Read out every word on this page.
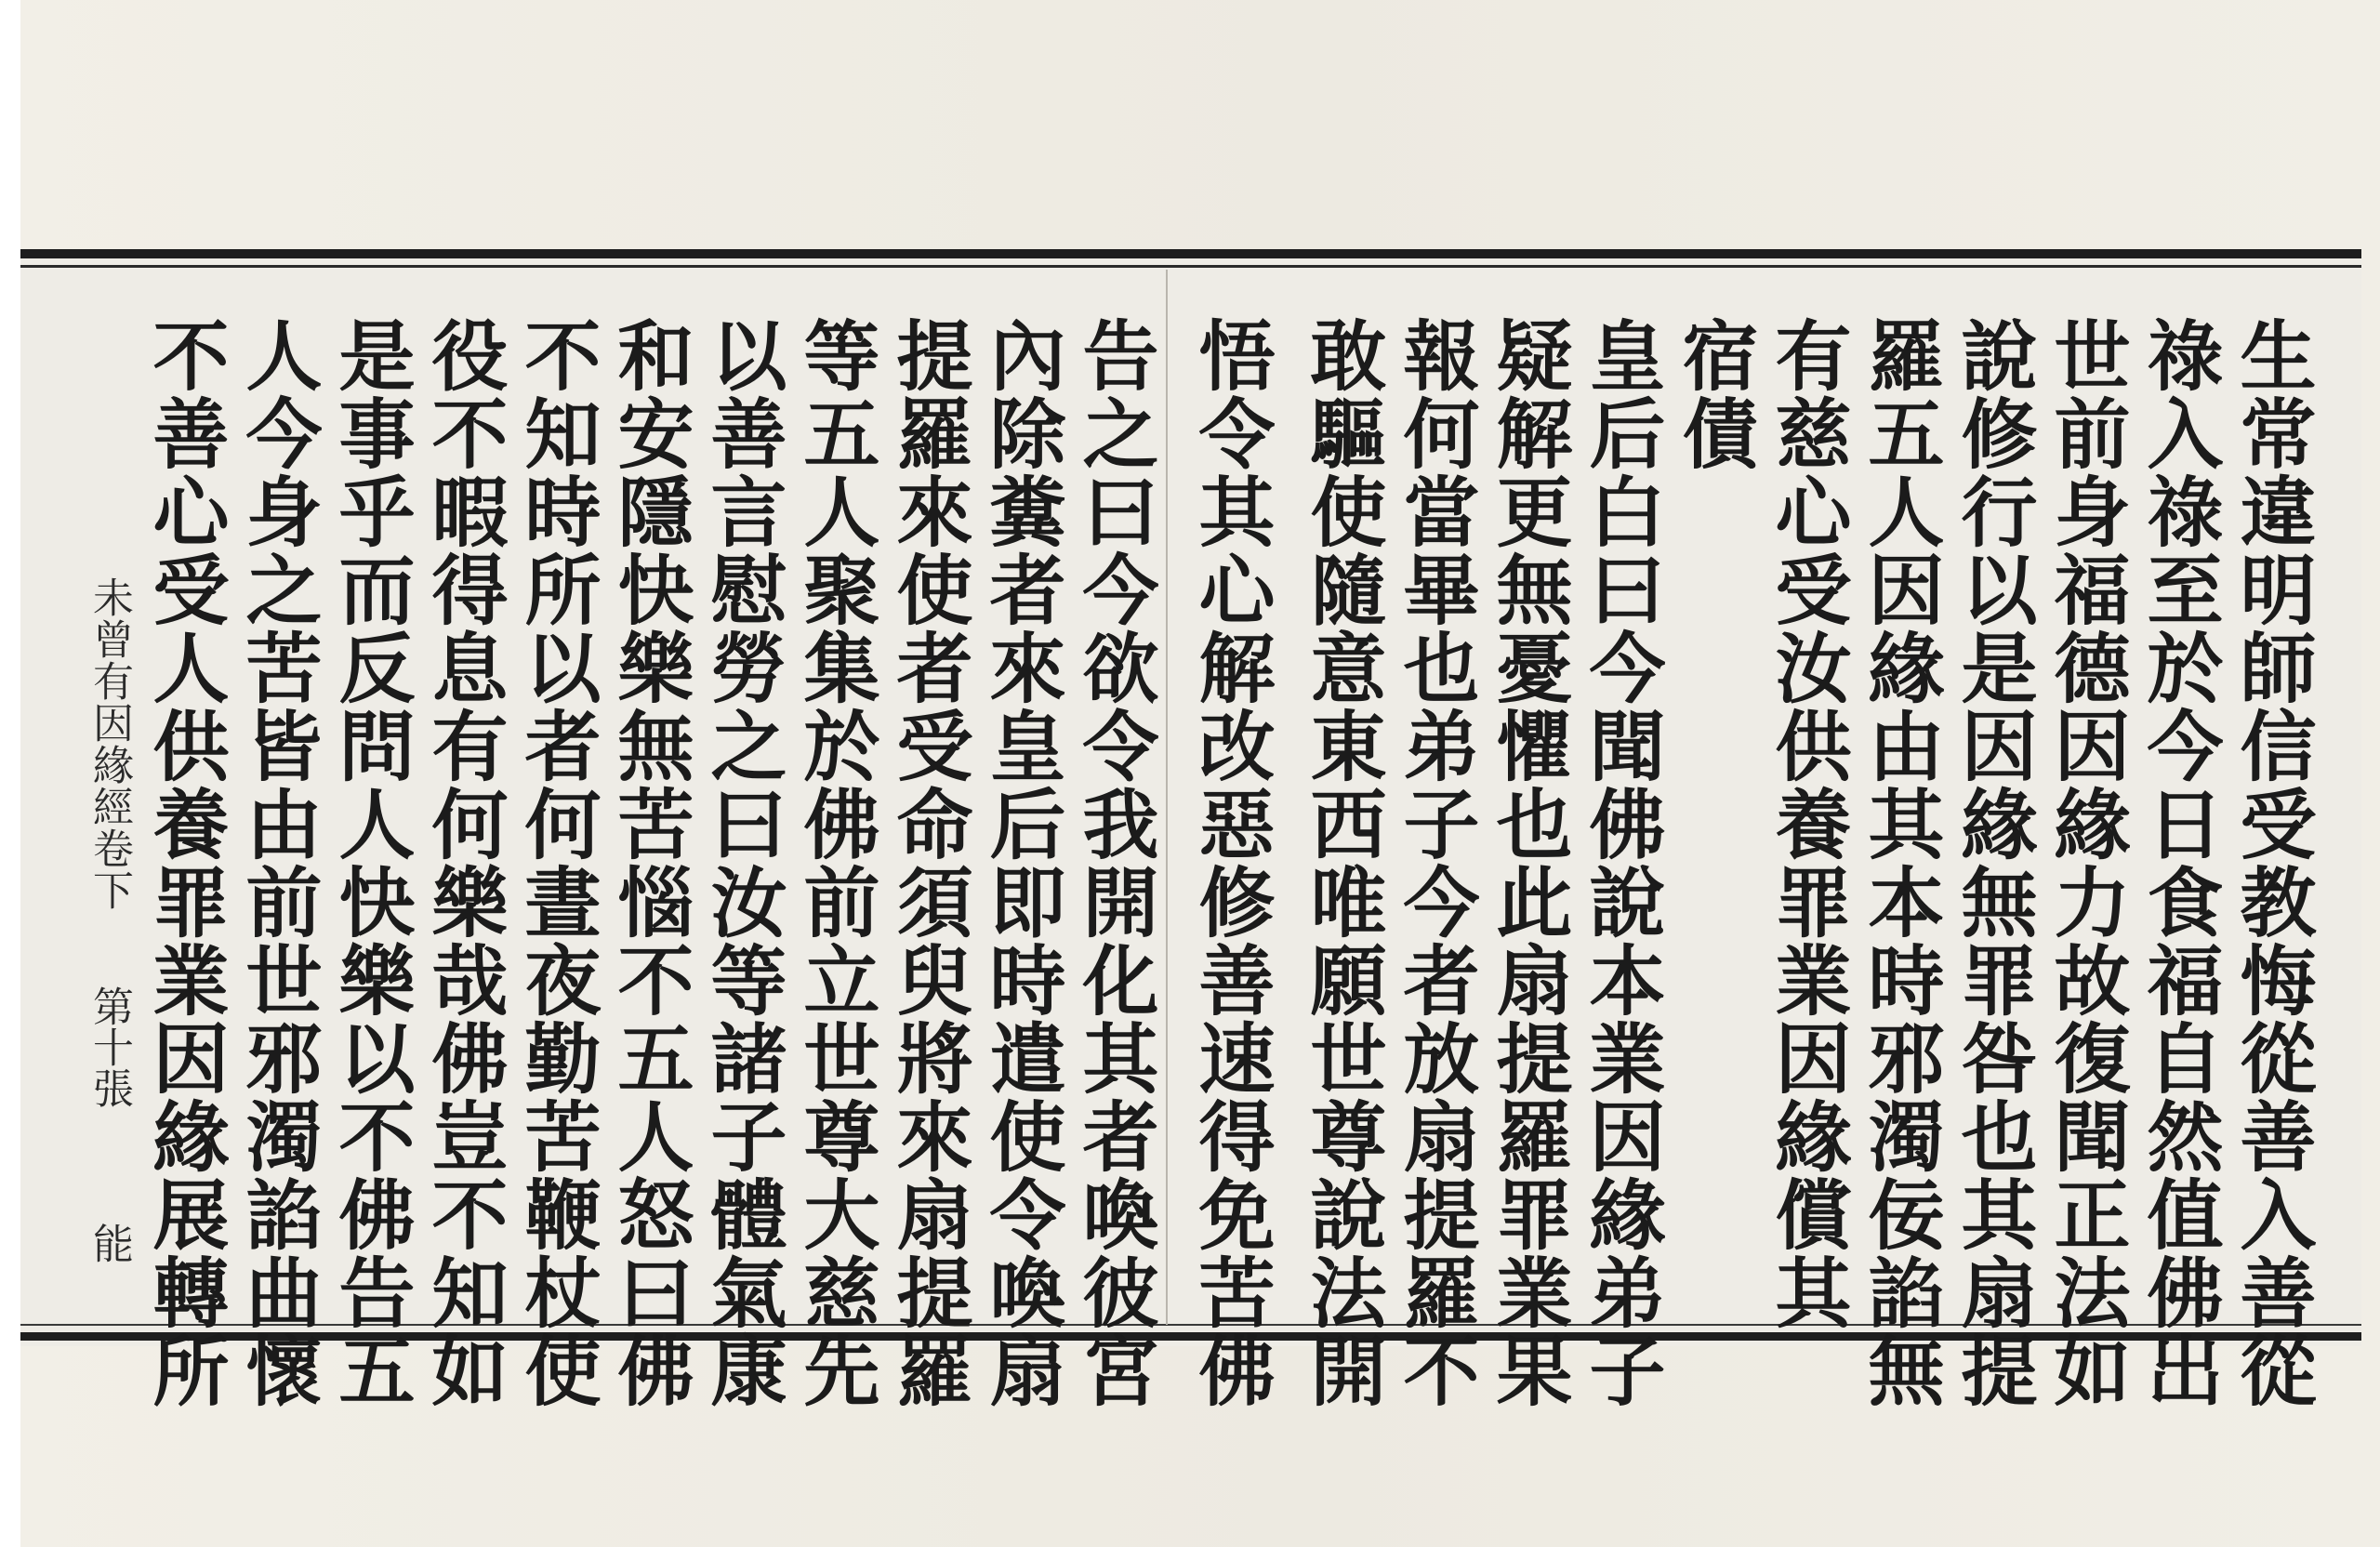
生常違明師信受教悔從善入善從
祿入祿至於今日食福自然值佛出
世前身福德因緣力故復聞正法如
說修行以是因緣無罪咎也其扇提
羅五人因緣由其本時邪濁佞諂無
有慈心受汝供養罪業因緣償其
宿債
皇后白曰今聞佛說本業因緣弟子
疑解更無憂懼也此扇提羅罪業果
報何當畢也弟子今者放扇提羅不
敢驅使隨意東西唯願世尊說法開
悟令其心解改惡修善速得免苦佛
告之曰今欲令我開化其者喚彼宮
內除糞者來皇后即時遣使令喚扇
提羅來使者受命須臾將來扇提羅
等五人聚集於佛前立世尊大慈先
以善言慰勞之曰汝等諸子體氣康
和安隱快樂無苦惱不五人怒曰佛
不知時所以者何晝夜勤苦鞭杖使
役不暇得息有何樂哉佛豈不知如
是事乎而反問人快樂以不佛告五
人今身之苦皆由前世邪濁諂曲懷
不善心受人供養罪業因緣展轉所
未曾有因緣經卷下
第十張
能
